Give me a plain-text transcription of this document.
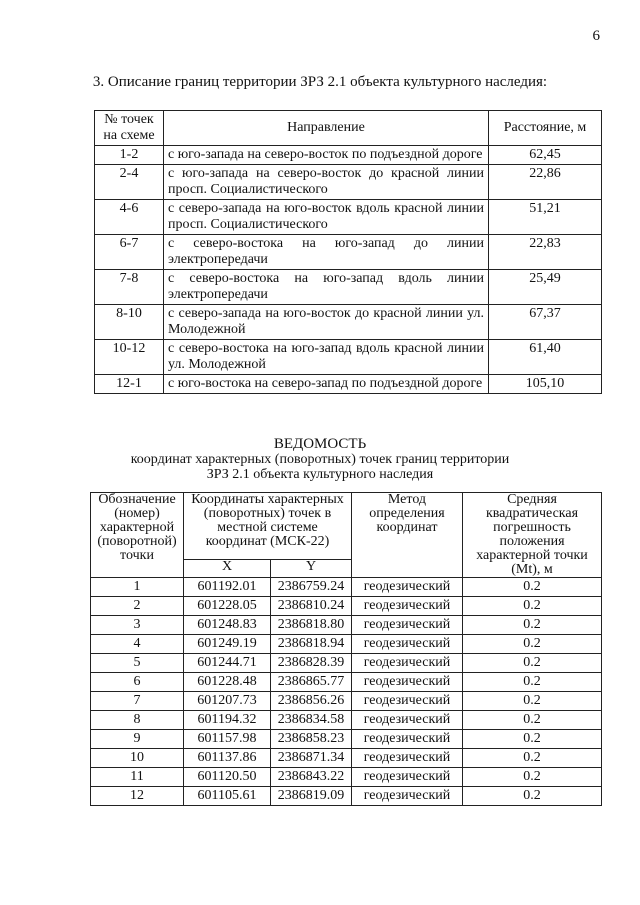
6
3. Описание границ территории ЗРЗ 2.1 объекта культурного наследия:
№ точек на схеме	Направление	Расстояние, м
1-2	с юго-запада на северо-восток по подъездной дороге	62,45
2-4	с юго-запада на северо-восток до красной линии просп. Социалистического	22,86
4-6	с северо-запада на юго-восток вдоль красной линии просп. Социалистического	51,21
6-7	с северо-востока на юго-запад до линии электропередачи	22,83
7-8	с северо-востока на юго-запад вдоль линии электропередачи	25,49
8-10	с северо-запада на юго-восток до красной линии ул. Молодежной	67,37
10-12	с северо-востока на юго-запад вдоль красной линии ул. Молодежной	61,40
12-1	с юго-востока на северо-запад по подъездной дороге	105,10
ВЕДОМОСТЬ
координат характерных (поворотных) точек границ территории
ЗРЗ 2.1 объекта культурного наследия
Обозначение (номер) характерной (поворотной) точки	Координаты характерных (поворотных) точек в местной системе координат (МСК-22)		Метод определения координат	Средняя квадратическая погрешность положения характерной точки (Mt), м
	X	Y		
1	601192.01	2386759.24	геодезический	0.2
2	601228.05	2386810.24	геодезический	0.2
3	601248.83	2386818.80	геодезический	0.2
4	601249.19	2386818.94	геодезический	0.2
5	601244.71	2386828.39	геодезический	0.2
6	601228.48	2386865.77	геодезический	0.2
7	601207.73	2386856.26	геодезический	0.2
8	601194.32	2386834.58	геодезический	0.2
9	601157.98	2386858.23	геодезический	0.2
10	601137.86	2386871.34	геодезический	0.2
11	601120.50	2386843.22	геодезический	0.2
12	601105.61	2386819.09	геодезический	0.2
